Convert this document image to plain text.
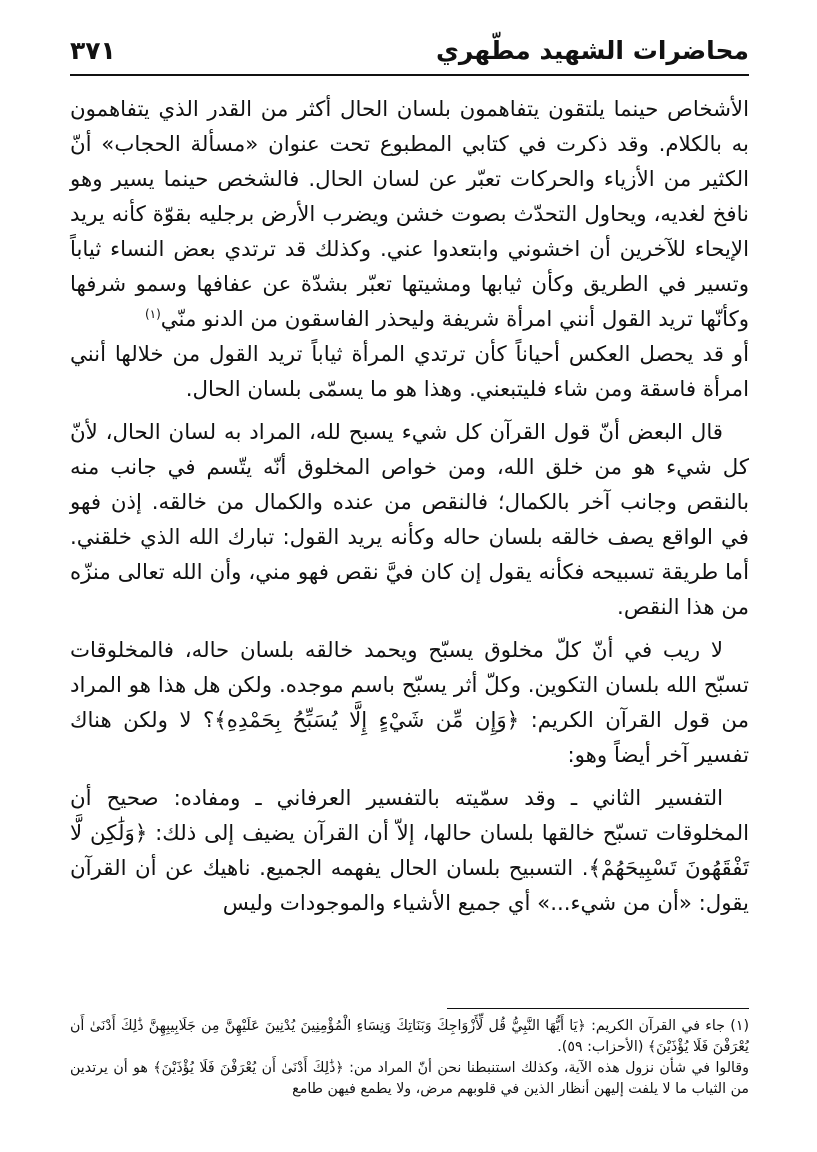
محاضرات الشهيد مطّهري
٣٧١

الأشخاص حينما يلتقون يتفاهمون بلسان الحال أكثر من القدر الذي يتفاهمون به بالكلام. وقد ذكرت في كتابي المطبوع تحت عنوان «مسألة الحجاب» أنّ الكثير من الأزياء والحركات تعبّر عن لسان الحال. فالشخص حينما يسير وهو نافخ لغديه، ويحاول التحدّث بصوت خشن ويضرب الأرض برجليه بقوّة كأنه يريد الإيحاء للآخرين أن اخشوني وابتعدوا عني. وكذلك قد ترتدي بعض النساء ثياباً وتسير في الطريق وكأن ثيابها ومشيتها تعبّر بشدّة عن عفافها وسمو شرفها وكأنّها تريد القول أنني امرأة شريفة وليحذر الفاسقون من الدنو منّي$^{(١)}$

أو قد يحصل العكس أحياناً كأن ترتدي المرأة ثياباً تريد القول من خلالها أنني امرأة فاسقة ومن شاء فليتبعني. وهذا هو ما يسمّى بلسان الحال.

قال البعض أنّ قول القرآن كل شيء يسبح لله، المراد به لسان الحال، لأنّ كل شيء هو من خلق الله، ومن خواص المخلوق أنّه يتّسم في جانب منه بالنقص وجانب آخر بالكمال؛ فالنقص من عنده والكمال من خالقه. إذن فهو في الواقع يصف خالقه بلسان حاله وكأنه يريد القول: تبارك الله الذي خلقني. أما طريقة تسبيحه فكأنه يقول إن كان فيَّ نقص فهو مني، وأن الله تعالى منزّه من هذا النقص.

لا ريب في أنّ كلّ مخلوق يسبّح ويحمد خالقه بلسان حاله، فالمخلوقات تسبّح الله بلسان التكوين. وكلّ أثر يسبّح باسم موجده. ولكن هل هذا هو المراد من قول القرآن الكريم: ﴿وَإِن مِّن شَيْءٍ إِلَّا يُسَبِّحُ بِحَمْدِهِ﴾؟ لا ولكن هناك تفسير آخر أيضاً وهو:

التفسير الثاني ـ وقد سمّيته بالتفسير العرفاني ـ ومفاده: صحيح أن المخلوقات تسبّح خالقها بلسان حالها، إلاّ أن القرآن يضيف إلى ذلك: ﴿وَلَٰكِن لَّا تَفْقَهُونَ تَسْبِيحَهُمْ﴾. التسبيح بلسان الحال يفهمه الجميع. ناهيك عن أن القرآن يقول: «أن من شيء...» أي جميع الأشياء والموجودات وليس

(١) جاء في القرآن الكريم: ﴿يَا أَيُّهَا النَّبِيُّ قُل لِّأَزْوَاجِكَ وَبَنَاتِكَ وَنِسَاءِ الْمُؤْمِنِينَ يُدْنِينَ عَلَيْهِنَّ مِن جَلَابِيبِهِنَّ ذَٰلِكَ أَدْنَىٰ أَن يُعْرَفْنَ فَلَا يُؤْذَيْنَ﴾ (الأحزاب: ٥٩).

وقالوا في شأن نزول هذه الآية، وكذلك استنبطنا نحن أنّ المراد من: ﴿ذَٰلِكَ أَدْنَىٰ أَن يُعْرَفْنَ فَلَا يُؤْذَيْنَ﴾ هو أن يرتدين من الثياب ما لا يلفت إليهن أنظار الذين في قلوبهم مرض، ولا يطمع فيهن طامع
